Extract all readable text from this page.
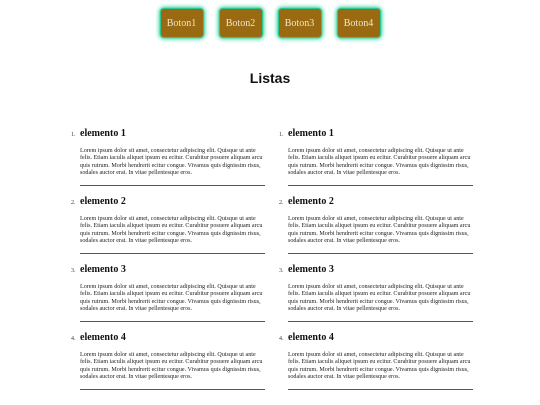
Boton1	Boton2	Boton3	Boton4
Listas
1. elemento 1

Lorem ipsum dolor sit amet, consectetur adipiscing elit. Quisque ut ante felis. Etiam iaculis aliquet ipsum eu ecitur. Curabitur posuere aliquam arcu quis rutrum. Morbi hendrerit ecitur congue. Vivamus quis dignissim risus, sodales auctor erat. In vitae pellentesque eros.

2. elemento 2

Lorem ipsum dolor sit amet, consectetur adipiscing elit. Quisque ut ante felis. Etiam iaculis aliquet ipsum eu ecitur. Curabitur posuere aliquam arcu quis rutrum. Morbi hendrerit ecitur congue. Vivamus quis dignissim risus, sodales auctor erat. In vitae pellentesque eros.

3. elemento 3

Lorem ipsum dolor sit amet, consectetur adipiscing elit. Quisque ut ante felis. Etiam iaculis aliquet ipsum eu ecitur. Curabitur posuere aliquam arcu quis rutrum. Morbi hendrerit ecitur congue. Vivamus quis dignissim risus, sodales auctor erat. In vitae pellentesque eros.

4. elemento 4

Lorem ipsum dolor sit amet, consectetur adipiscing elit. Quisque ut ante felis. Etiam iaculis aliquet ipsum eu ecitur. Curabitur posuere aliquam arcu quis rutrum. Morbi hendrerit ecitur congue. Vivamus quis dignissim risus, sodales auctor erat. In vitae pellentesque eros.

1. elemento 1

Lorem ipsum dolor sit amet, consectetur adipiscing elit. Quisque ut ante felis. Etiam iaculis aliquet ipsum eu ecitur. Curabitur posuere aliquam arcu quis rutrum. Morbi hendrerit ecitur congue. Vivamus quis dignissim risus, sodales auctor erat. In vitae pellentesque eros.

2. elemento 2

Lorem ipsum dolor sit amet, consectetur adipiscing elit. Quisque ut ante felis. Etiam iaculis aliquet ipsum eu ecitur. Curabitur posuere aliquam arcu quis rutrum. Morbi hendrerit ecitur congue. Vivamus quis dignissim risus, sodales auctor erat. In vitae pellentesque eros.

3. elemento 3

Lorem ipsum dolor sit amet, consectetur adipiscing elit. Quisque ut ante felis. Etiam iaculis aliquet ipsum eu ecitur. Curabitur posuere aliquam arcu quis rutrum. Morbi hendrerit ecitur congue. Vivamus quis dignissim risus, sodales auctor erat. In vitae pellentesque eros.

4. elemento 4

Lorem ipsum dolor sit amet, consectetur adipiscing elit. Quisque ut ante felis. Etiam iaculis aliquet ipsum eu ecitur. Curabitur posuere aliquam arcu quis rutrum. Morbi hendrerit ecitur congue. Vivamus quis dignissim risus, sodales auctor erat. In vitae pellentesque eros.
